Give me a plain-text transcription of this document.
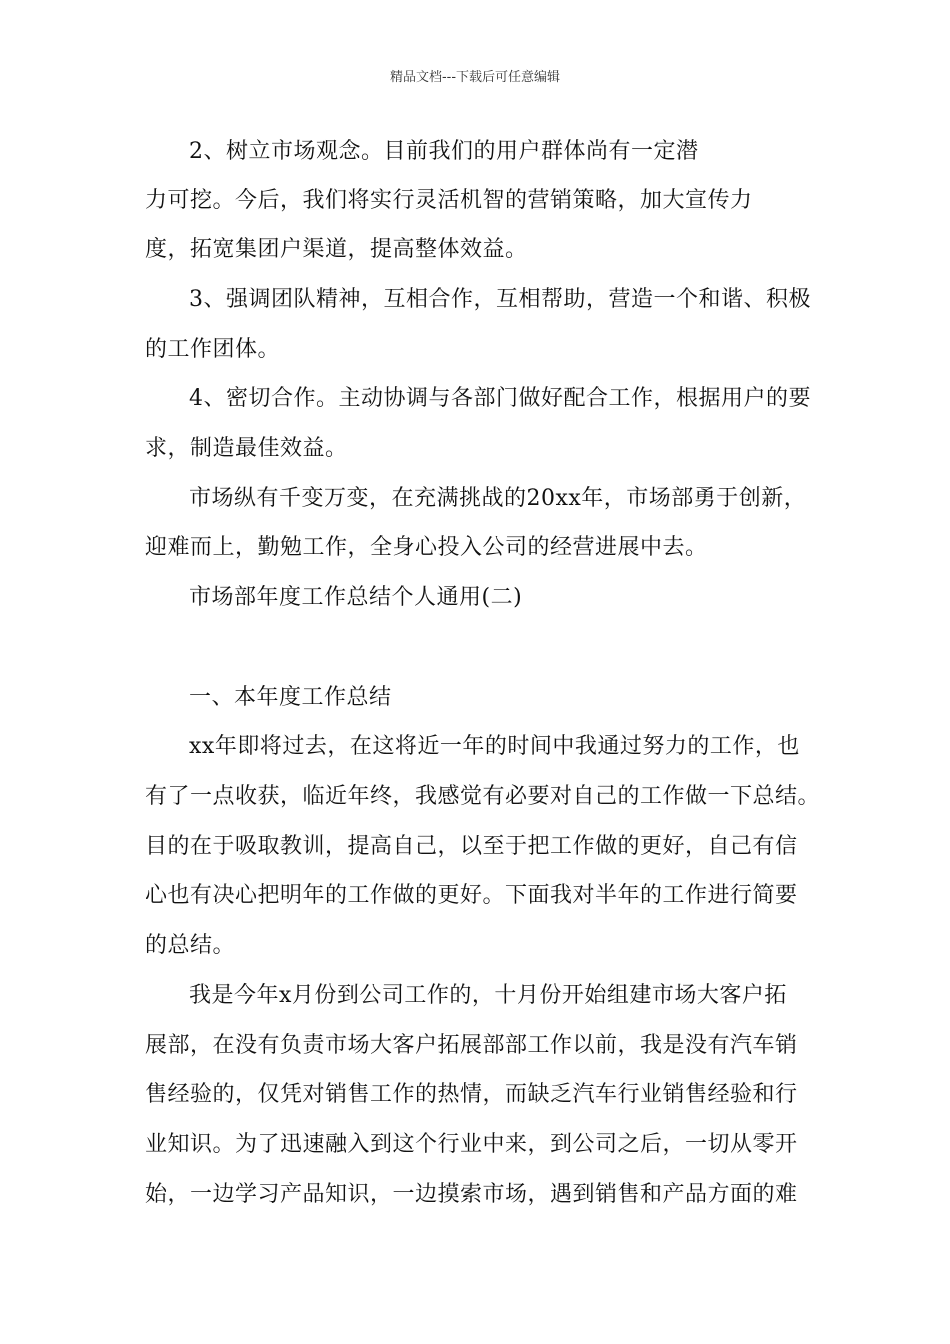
精品文档---下载后可任意编辑
2、树立市场观念。目前我们的用户群体尚有一定潜
力可挖。今后，我们将实行灵活机智的营销策略，加大宣传力
度，拓宽集团户渠道，提高整体效益。
3、强调团队精神，互相合作，互相帮助，营造一个和谐、积极
的工作团体。
4、密切合作。主动协调与各部门做好配合工作，根据用户的要
求，制造最佳效益。
市场纵有千变万变，在充满挑战的20xx年，市场部勇于创新，
迎难而上，勤勉工作，全身心投入公司的经营进展中去。
市场部年度工作总结个人通用(二)
一、本年度工作总结
xx年即将过去，在这将近一年的时间中我通过努力的工作，也
有了一点收获，临近年终，我感觉有必要对自己的工作做一下总结。
目的在于吸取教训，提高自己，以至于把工作做的更好，自己有信
心也有决心把明年的工作做的更好。下面我对半年的工作进行简要
的总结。
我是今年x月份到公司工作的，十月份开始组建市场大客户拓
展部，在没有负责市场大客户拓展部部工作以前，我是没有汽车销
售经验的，仅凭对销售工作的热情，而缺乏汽车行业销售经验和行
业知识。为了迅速融入到这个行业中来，到公司之后，一切从零开
始，一边学习产品知识，一边摸索市场，遇到销售和产品方面的难
